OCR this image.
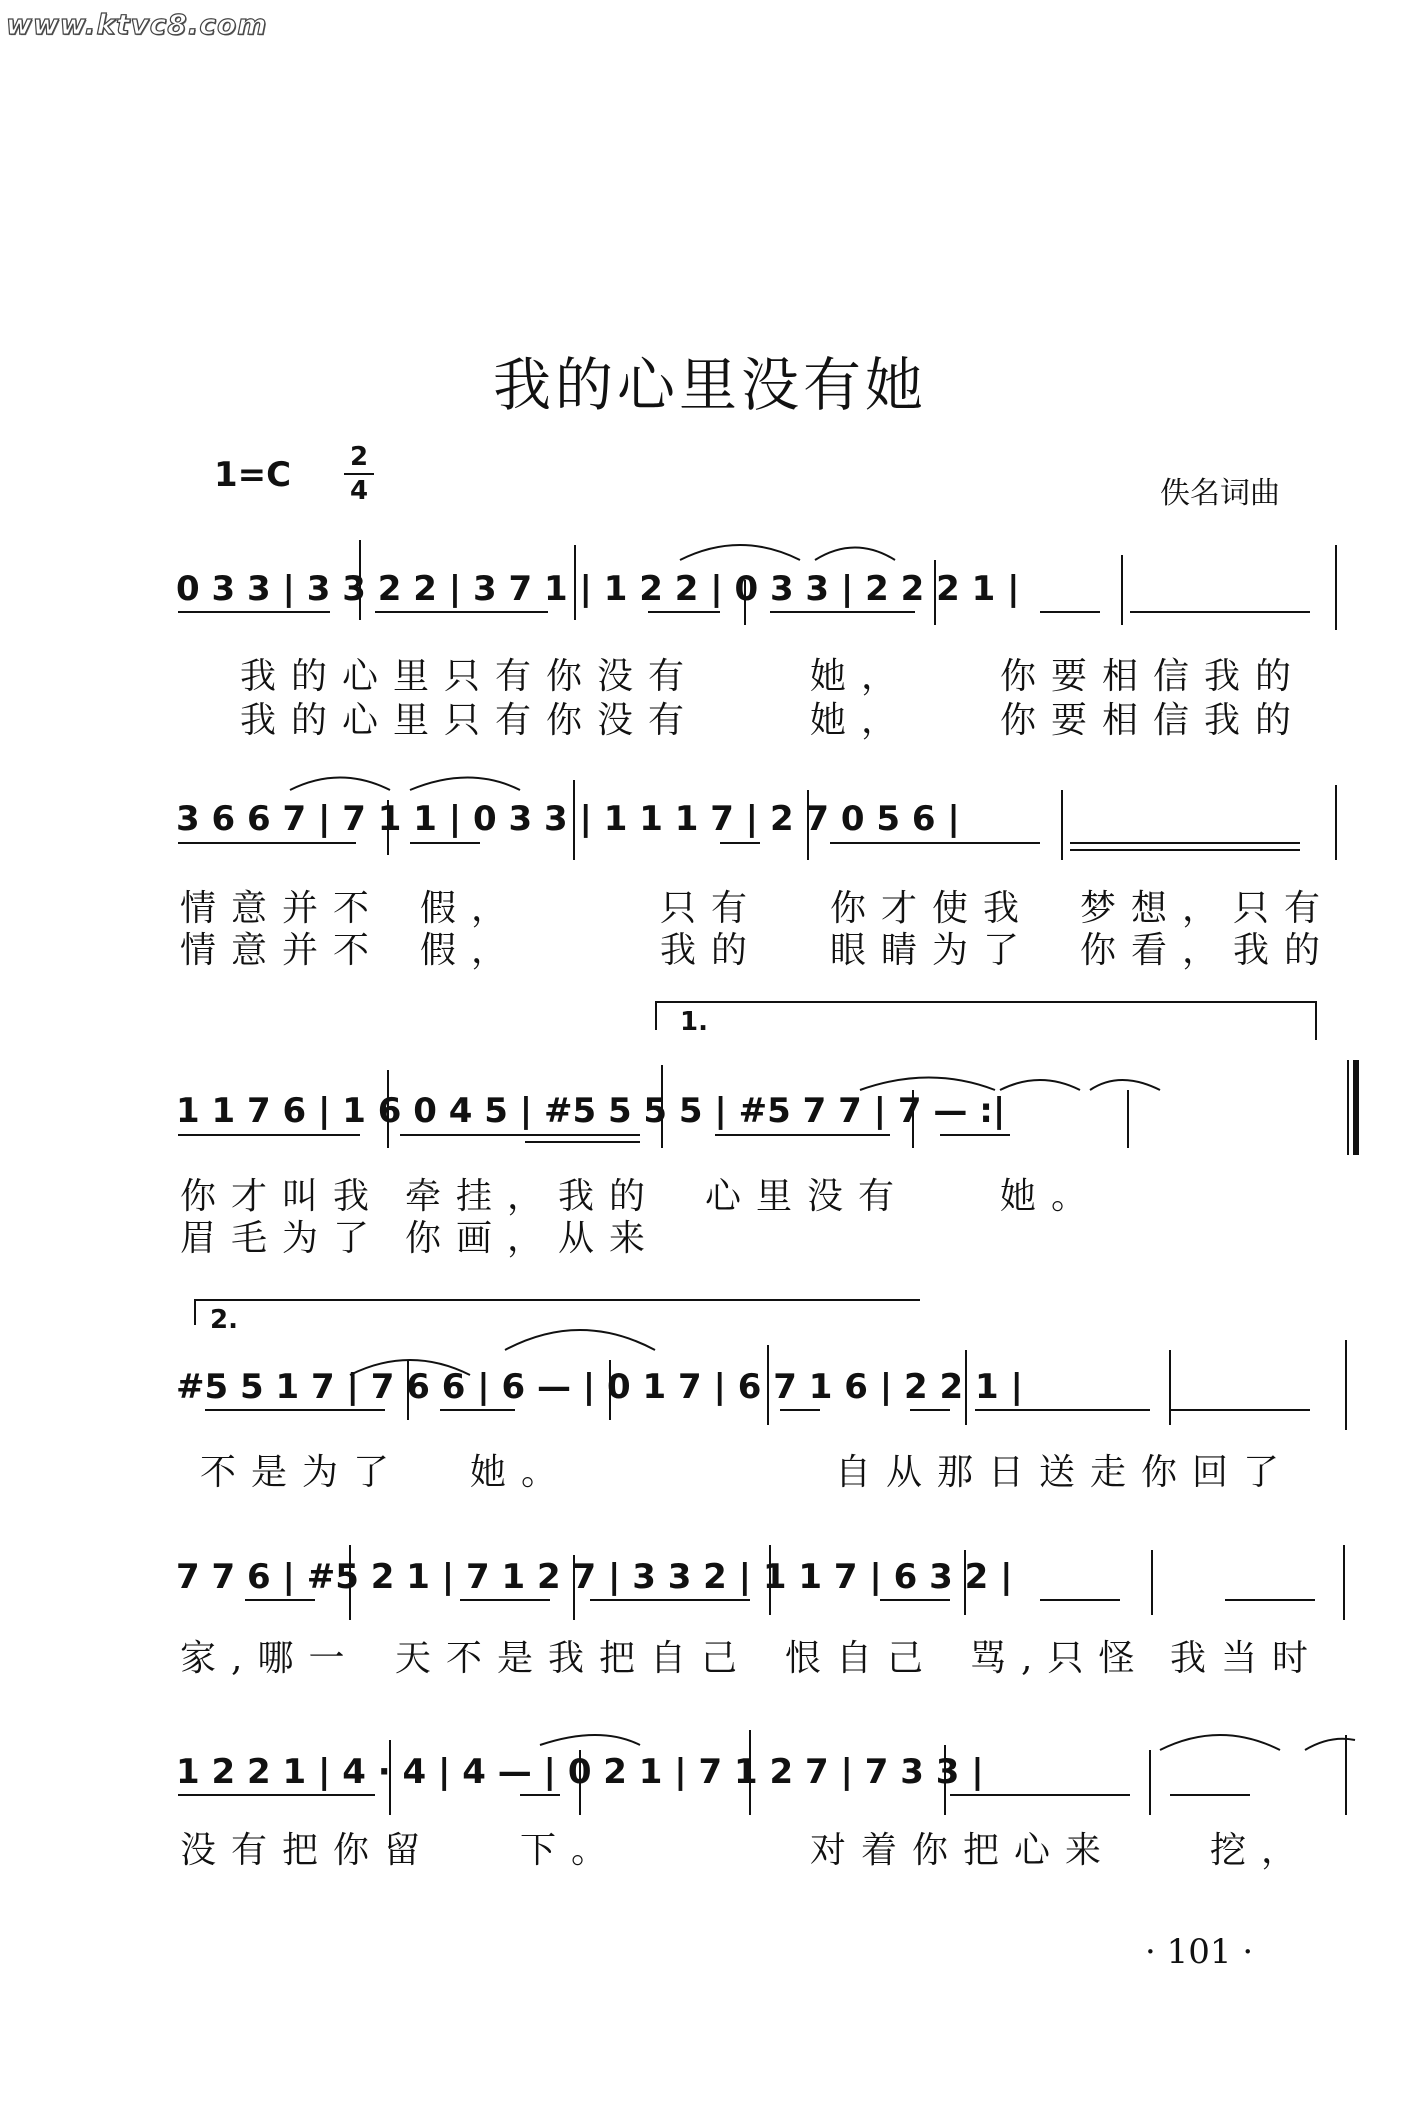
www.ktvc8.com
我的心里没有她
1=C 2
4	佚名词曲
0 3 3 | 3 3 2 2 | 3 7 1 | 1 2 2 | 0 3 3 | 2 2 2 1 |
3 6 6 7 | 7 1 1 | 0 3 3 | 1 1 1 7 | 2 7 0 5 6 |
1 1 7 6 | 1 6 0 4 5 | #5 5 5 5 | #5 7 7 | 7 — :|
#5 5 1 7 | 7 6 6 | 6 — | 0 1 7 | 6 7 1 6 | 2 2 1 |
7 7 6 | #5 2 1 | 7 1 2 7 | 3 3 2 | 1 1 7 | 6 3 2 |
1 2 2 1 | 4 · 4 | 4 — | 0 2 1 | 7 1 2 7 | 7 3 3 |
1.
2.
我的心里只有你没有	她， 你要相信我的
我的心里只有你没有	她， 你要相信我的
情意并不 假，	只有 你才使我 梦想，只有
情意并不 假，	我的 眼睛为了 你看，我的
你才叫我 牵挂，我的 心里没有	她。
眉毛为了 你画，从来
不是为了 她。	自从那日送走你回了
家,哪一 天不是我把自己 恨自己 骂,只怪 我当时
没有把你留 下。	对着你把心来	挖，
· 101 ·
